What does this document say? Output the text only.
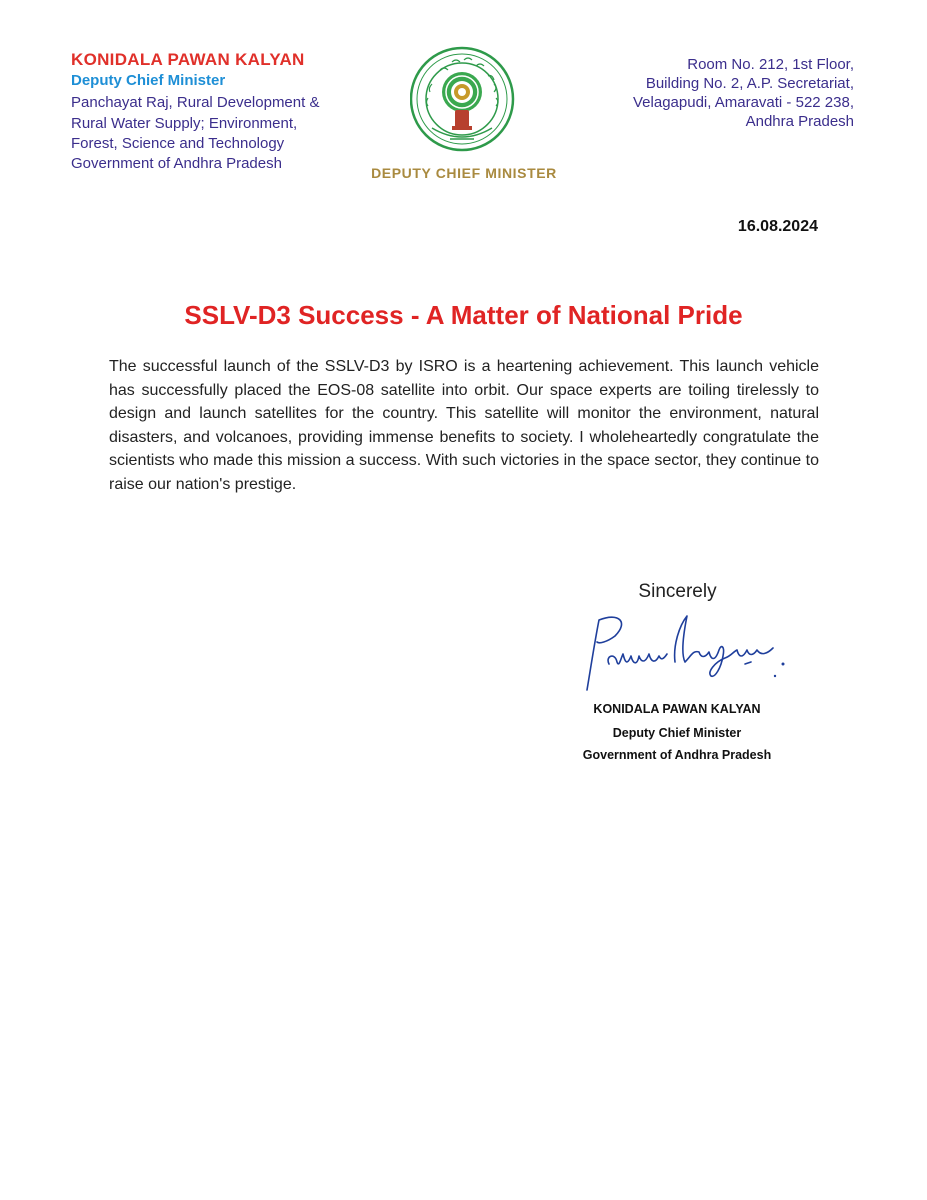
KONIDALA PAWAN KALYAN
Deputy Chief Minister
Panchayat Raj, Rural Development &
Rural Water Supply; Environment,
Forest, Science and Technology
Government of Andhra Pradesh
DEPUTY CHIEF MINISTER
Room No. 212, 1st Floor,
Building No. 2, A.P. Secretariat,
Velagapudi, Amaravati - 522 238,
Andhra Pradesh
16.08.2024
SSLV-D3 Success - A Matter of National Pride
The successful launch of the SSLV-D3 by ISRO is a heartening achievement. This launch vehicle has successfully placed the EOS-08 satellite into orbit. Our space experts are toiling tirelessly to design and launch satellites for the country. This satellite will monitor the environment, natural disasters, and volcanoes, providing immense benefits to society. I wholeheartedly congratulate the scientists who made this mission a success. With such victories in the space sector, they continue to raise our nation's prestige.
Sincerely
KONIDALA PAWAN KALYAN
Deputy Chief Minister
Government of Andhra Pradesh
